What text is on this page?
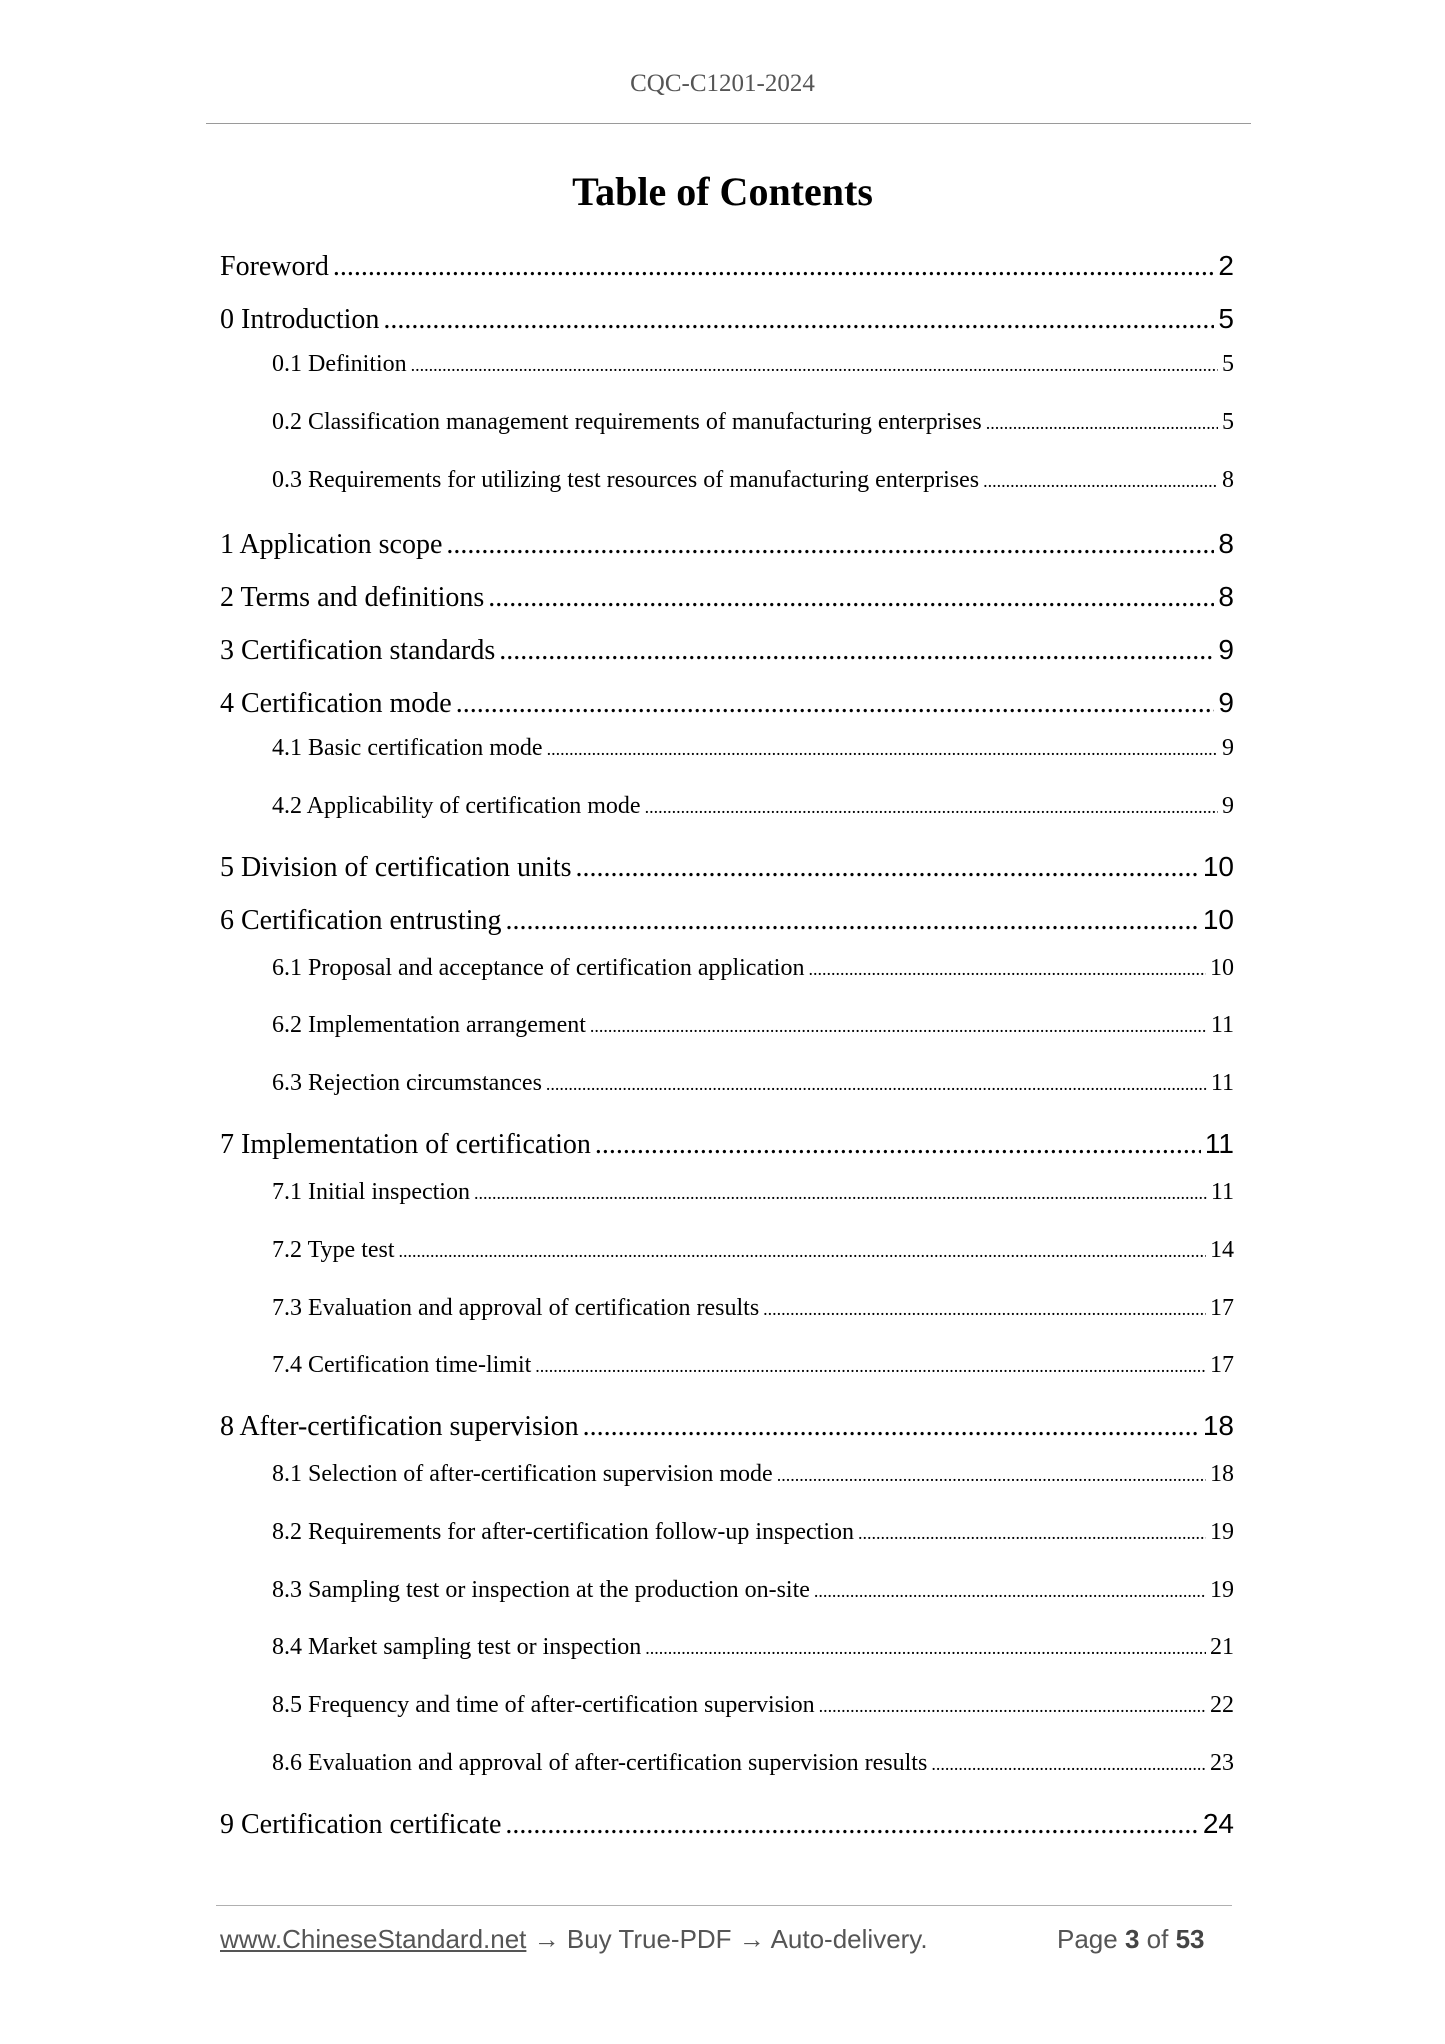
CQC-C1201-2024
Table of Contents
Foreword .....	2
0 Introduction .....	5
0.1 Definition .....	5
0.2 Classification management requirements of manufacturing enterprises .....	5
0.3 Requirements for utilizing test resources of manufacturing enterprises .....	8
1 Application scope .....	8
2 Terms and definitions .....	8
3 Certification standards .....	9
4 Certification mode .....	9
4.1 Basic certification mode .....	9
4.2 Applicability of certification mode .....	9
5 Division of certification units .....	10
6 Certification entrusting .....	10
6.1 Proposal and acceptance of certification application .....	10
6.2 Implementation arrangement .....	11
6.3 Rejection circumstances .....	11
7 Implementation of certification .....	11
7.1 Initial inspection .....	11
7.2 Type test .....	14
7.3 Evaluation and approval of certification results .....	17
7.4 Certification time-limit .....	17
8 After-certification supervision .....	18
8.1 Selection of after-certification supervision mode .....	18
8.2 Requirements for after-certification follow-up inspection .....	19
8.3 Sampling test or inspection at the production on-site .....	19
8.4 Market sampling test or inspection .....	21
8.5 Frequency and time of after-certification supervision .....	22
8.6 Evaluation and approval of after-certification supervision results .....	23
9 Certification certificate .....	24
www.ChineseStandard.net → Buy True-PDF → Auto-delivery.	Page 3 of 53
